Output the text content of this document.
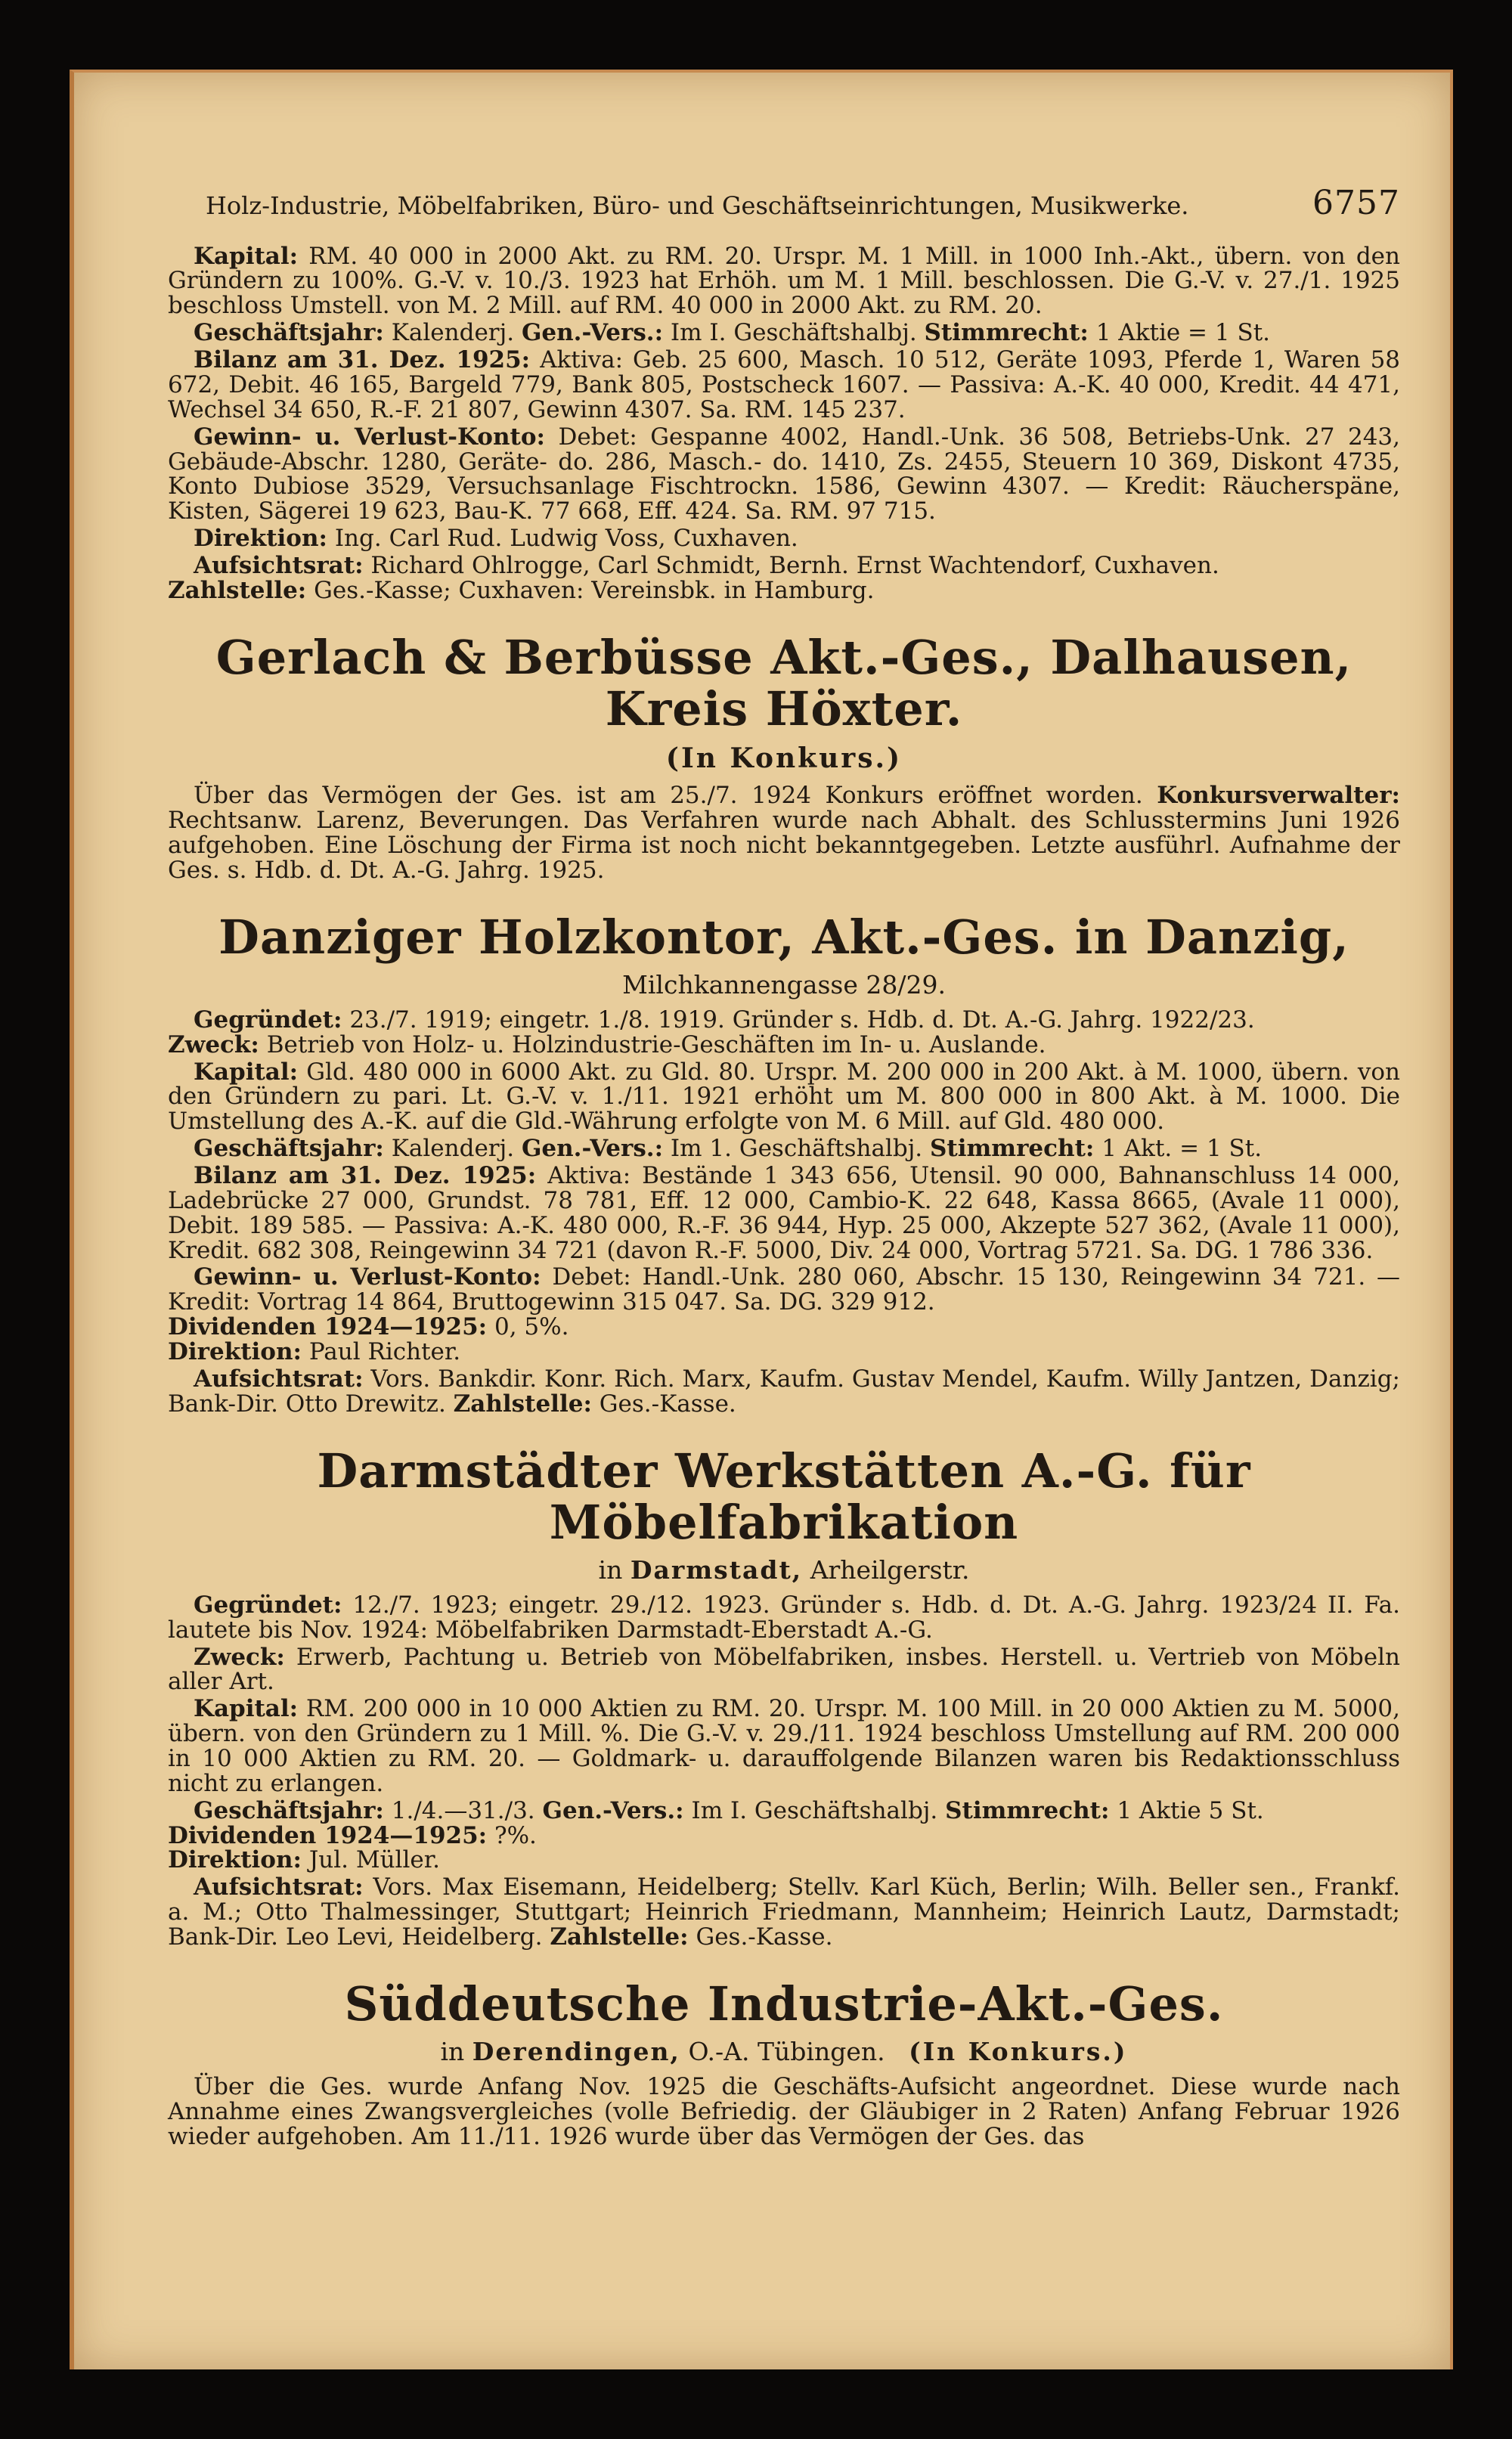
Holz-Industrie, Möbelfabriken, Büro- und Geschäftseinrichtungen, Musikwerke.	6757

Kapital: RM. 40 000 in 2000 Akt. zu RM. 20. Urspr. M. 1 Mill. in 1000 Inh.-Akt., übern. von den Gründern zu 100%. G.-V. v. 10./3. 1923 hat Erhöh. um M. 1 Mill. beschlossen. Die G.-V. v. 27./1. 1925 beschloss Umstell. von M. 2 Mill. auf RM. 40 000 in 2000 Akt. zu RM. 20.

Geschäftsjahr: Kalenderj. Gen.-Vers.: Im I. Geschäftshalbj. Stimmrecht: 1 Aktie = 1 St.

Bilanz am 31. Dez. 1925: Aktiva: Geb. 25 600, Masch. 10 512, Geräte 1093, Pferde 1, Waren 58 672, Debit. 46 165, Bargeld 779, Bank 805, Postscheck 1607. — Passiva: A.-K. 40 000, Kredit. 44 471, Wechsel 34 650, R.-F. 21 807, Gewinn 4307. Sa. RM. 145 237.

Gewinn- u. Verlust-Konto: Debet: Gespanne 4002, Handl.-Unk. 36 508, Betriebs-Unk. 27 243, Gebäude-Abschr. 1280, Geräte- do. 286, Masch.- do. 1410, Zs. 2455, Steuern 10 369, Diskont 4735, Konto Dubiose 3529, Versuchsanlage Fischtrockn. 1586, Gewinn 4307. — Kredit: Räucherspäne, Kisten, Sägerei 19 623, Bau-K. 77 668, Eff. 424. Sa. RM. 97 715.

Direktion: Ing. Carl Rud. Ludwig Voss, Cuxhaven.

Aufsichtsrat: Richard Ohlrogge, Carl Schmidt, Bernh. Ernst Wachtendorf, Cuxhaven.
Zahlstelle: Ges.-Kasse; Cuxhaven: Vereinsbk. in Hamburg.

Gerlach & Berbüsse Akt.-Ges., Dalhausen, Kreis Höxter.
(In Konkurs.)

Über das Vermögen der Ges. ist am 25./7. 1924 Konkurs eröffnet worden. Konkursverwalter: Rechtsanw. Larenz, Beverungen. Das Verfahren wurde nach Abhalt. des Schlusstermins Juni 1926 aufgehoben. Eine Löschung der Firma ist noch nicht bekanntgegeben. Letzte ausführl. Aufnahme der Ges. s. Hdb. d. Dt. A.-G. Jahrg. 1925.

Danziger Holzkontor, Akt.-Ges. in Danzig,
Milchkannengasse 28/29.

Gegründet: 23./7. 1919; eingetr. 1./8. 1919. Gründer s. Hdb. d. Dt. A.-G. Jahrg. 1922/23.
Zweck: Betrieb von Holz- u. Holzindustrie-Geschäften im In- u. Auslande.

Kapital: Gld. 480 000 in 6000 Akt. zu Gld. 80. Urspr. M. 200 000 in 200 Akt. à M. 1000, übern. von den Gründern zu pari. Lt. G.-V. v. 1./11. 1921 erhöht um M. 800 000 in 800 Akt. à M. 1000. Die Umstellung des A.-K. auf die Gld.-Währung erfolgte von M. 6 Mill. auf Gld. 480 000.

Geschäftsjahr: Kalenderj. Gen.-Vers.: Im 1. Geschäftshalbj. Stimmrecht: 1 Akt. = 1 St.

Bilanz am 31. Dez. 1925: Aktiva: Bestände 1 343 656, Utensil. 90 000, Bahnanschluss 14 000, Ladebrücke 27 000, Grundst. 78 781, Eff. 12 000, Cambio-K. 22 648, Kassa 8665, (Avale 11 000), Debit. 189 585. — Passiva: A.-K. 480 000, R.-F. 36 944, Hyp. 25 000, Akzepte 527 362, (Avale 11 000), Kredit. 682 308, Reingewinn 34 721 (davon R.-F. 5000, Div. 24 000, Vortrag 5721. Sa. DG. 1 786 336.

Gewinn- u. Verlust-Konto: Debet: Handl.-Unk. 280 060, Abschr. 15 130, Reingewinn 34 721. — Kredit: Vortrag 14 864, Bruttogewinn 315 047. Sa. DG. 329 912.
Dividenden 1924—1925: 0, 5%.
Direktion: Paul Richter.

Aufsichtsrat: Vors. Bankdir. Konr. Rich. Marx, Kaufm. Gustav Mendel, Kaufm. Willy Jantzen, Danzig; Bank-Dir. Otto Drewitz. Zahlstelle: Ges.-Kasse.

Darmstädter Werkstätten A.-G. für Möbelfabrikation
in Darmstadt, Arheilgerstr.

Gegründet: 12./7. 1923; eingetr. 29./12. 1923. Gründer s. Hdb. d. Dt. A.-G. Jahrg. 1923/24 II. Fa. lautete bis Nov. 1924: Möbelfabriken Darmstadt-Eberstadt A.-G.

Zweck: Erwerb, Pachtung u. Betrieb von Möbelfabriken, insbes. Herstell. u. Vertrieb von Möbeln aller Art.

Kapital: RM. 200 000 in 10 000 Aktien zu RM. 20. Urspr. M. 100 Mill. in 20 000 Aktien zu M. 5000, übern. von den Gründern zu 1 Mill. %. Die G.-V. v. 29./11. 1924 beschloss Umstellung auf RM. 200 000 in 10 000 Aktien zu RM. 20. — Goldmark- u. darauffolgende Bilanzen waren bis Redaktionsschluss nicht zu erlangen.

Geschäftsjahr: 1./4.—31./3. Gen.-Vers.: Im I. Geschäftshalbj. Stimmrecht: 1 Aktie 5 St.
Dividenden 1924—1925: ?%.
Direktion: Jul. Müller.

Aufsichtsrat: Vors. Max Eisemann, Heidelberg; Stellv. Karl Küch, Berlin; Wilh. Beller sen., Frankf. a. M.; Otto Thalmessinger, Stuttgart; Heinrich Friedmann, Mannheim; Heinrich Lautz, Darmstadt; Bank-Dir. Leo Levi, Heidelberg. Zahlstelle: Ges.-Kasse.

Süddeutsche Industrie-Akt.-Ges.
in Derendingen, O.-A. Tübingen. (In Konkurs.)

Über die Ges. wurde Anfang Nov. 1925 die Geschäfts-Aufsicht angeordnet. Diese wurde nach Annahme eines Zwangsvergleiches (volle Befriedig. der Gläubiger in 2 Raten) Anfang Februar 1926 wieder aufgehoben. Am 11./11. 1926 wurde über das Vermögen der Ges. das
